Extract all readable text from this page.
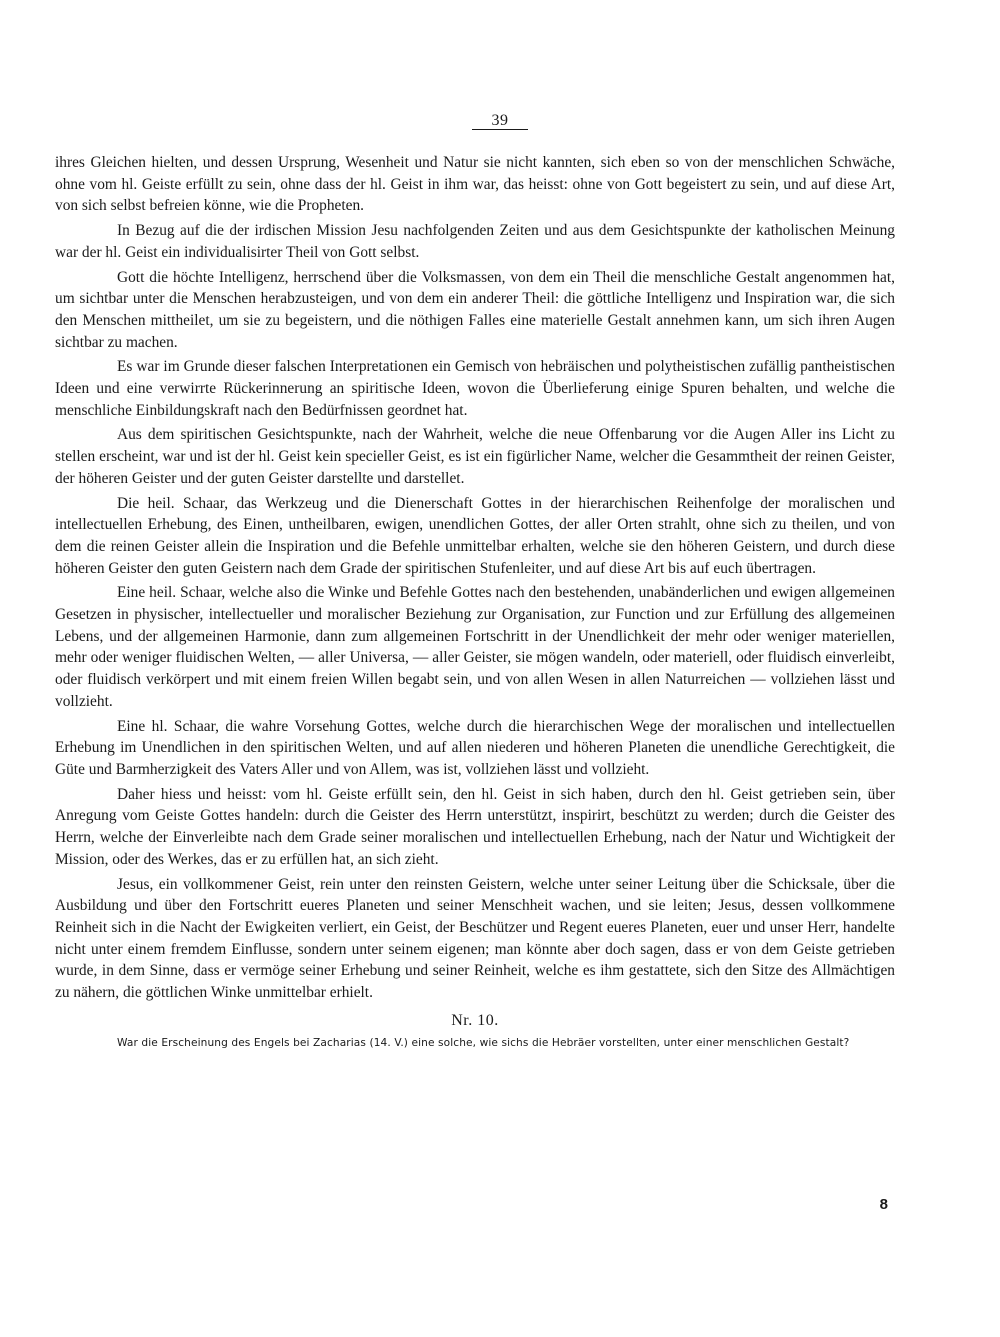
39

ihres Gleichen hielten, und dessen Ursprung, Wesenheit und Natur sie nicht kannten, sich eben so von der menschlichen Schwäche, ohne vom hl. Geiste erfüllt zu sein, ohne dass der hl. Geist in ihm war, das heisst: ohne von Gott begeistert zu sein, und auf diese Art, von sich selbst befreien könne, wie die Propheten.

In Bezug auf die der irdischen Mission Jesu nachfolgenden Zeiten und aus dem Gesichtspunkte der katholischen Meinung war der hl. Geist ein individualisirter Theil von Gott selbst.

Gott die höchte Intelligenz, herrschend über die Volksmassen, von dem ein Theil die menschliche Gestalt angenommen hat, um sichtbar unter die Menschen herabzusteigen, und von dem ein anderer Theil: die göttliche Intelligenz und Inspiration war, die sich den Menschen mittheilet, um sie zu begeistern, und die nöthigen Falles eine materielle Gestalt annehmen kann, um sich ihren Augen sichtbar zu machen.

Es war im Grunde dieser falschen Interpretationen ein Gemisch von hebräischen und polytheistischen zufällig pantheistischen Ideen und eine verwirrte Rückerinnerung an spiritische Ideen, wovon die Überlieferung einige Spuren behalten, und welche die menschliche Einbildungskraft nach den Bedürfnissen geordnet hat.

Aus dem spiritischen Gesichtspunkte, nach der Wahrheit, welche die neue Offenbarung vor die Augen Aller ins Licht zu stellen erscheint, war und ist der hl. Geist kein specieller Geist, es ist ein figürlicher Name, welcher die Gesammtheit der reinen Geister, der höheren Geister und der guten Geister darstellte und darstellet.

Die heil. Schaar, das Werkzeug und die Dienerschaft Gottes in der hierarchischen Reihenfolge der moralischen und intellectuellen Erhebung, des Einen, untheilbaren, ewigen, unendlichen Gottes, der aller Orten strahlt, ohne sich zu theilen, und von dem die reinen Geister allein die Inspiration und die Befehle unmittelbar erhalten, welche sie den höheren Geistern, und durch diese höheren Geister den guten Geistern nach dem Grade der spiritischen Stufenleiter, und auf diese Art bis auf euch übertragen.

Eine heil. Schaar, welche also die Winke und Befehle Gottes nach den bestehenden, unabänderlichen und ewigen allgemeinen Gesetzen in physischer, intellectueller und moralischer Beziehung zur Organisation, zur Function und zur Erfüllung des allgemeinen Lebens, und der allgemeinen Harmonie, dann zum allgemeinen Fortschritt in der Unendlichkeit der mehr oder weniger materiellen, mehr oder weniger fluidischen Welten, — aller Universa, — aller Geister, sie mögen wandeln, oder materiell, oder fluidisch einverleibt, oder fluidisch verkörpert und mit einem freien Willen begabt sein, und von allen Wesen in allen Naturreichen — vollziehen lässt und vollzieht.

Eine hl. Schaar, die wahre Vorsehung Gottes, welche durch die hierarchischen Wege der moralischen und intellectuellen Erhebung im Unendlichen in den spiritischen Welten, und auf allen niederen und höheren Planeten die unendliche Gerechtigkeit, die Güte und Barmherzigkeit des Vaters Aller und von Allem, was ist, vollziehen lässt und vollzieht.

Daher hiess und heisst: vom hl. Geiste erfüllt sein, den hl. Geist in sich haben, durch den hl. Geist getrieben sein, über Anregung vom Geiste Gottes handeln: durch die Geister des Herrn unterstützt, inspirirt, beschützt zu werden; durch die Geister des Herrn, welche der Einverleibte nach dem Grade seiner moralischen und intellectuellen Erhebung, nach der Natur und Wichtigkeit der Mission, oder des Werkes, das er zu erfüllen hat, an sich zieht.

Jesus, ein vollkommener Geist, rein unter den reinsten Geistern, welche unter seiner Leitung über die Schicksale, über die Ausbildung und über den Fortschritt eueres Planeten und seiner Menschheit wachen, und sie leiten; Jesus, dessen vollkommene Reinheit sich in die Nacht der Ewigkeiten verliert, ein Geist, der Beschützer und Regent eueres Planeten, euer und unser Herr, handelte nicht unter einem fremdem Einflusse, sondern unter seinem eigenen; man könnte aber doch sagen, dass er von dem Geiste getrieben wurde, in dem Sinne, dass er vermöge seiner Erhebung und seiner Reinheit, welche es ihm gestattete, sich den Sitze des Allmächtigen zu nähern, die göttlichen Winke unmittelbar erhielt.

Nr. 10.

War die Erscheinung des Engels bei Zacharias (14. V.) eine solche, wie sichs die Hebräer vorstellten, unter einer menschlichen Gestalt?

8
